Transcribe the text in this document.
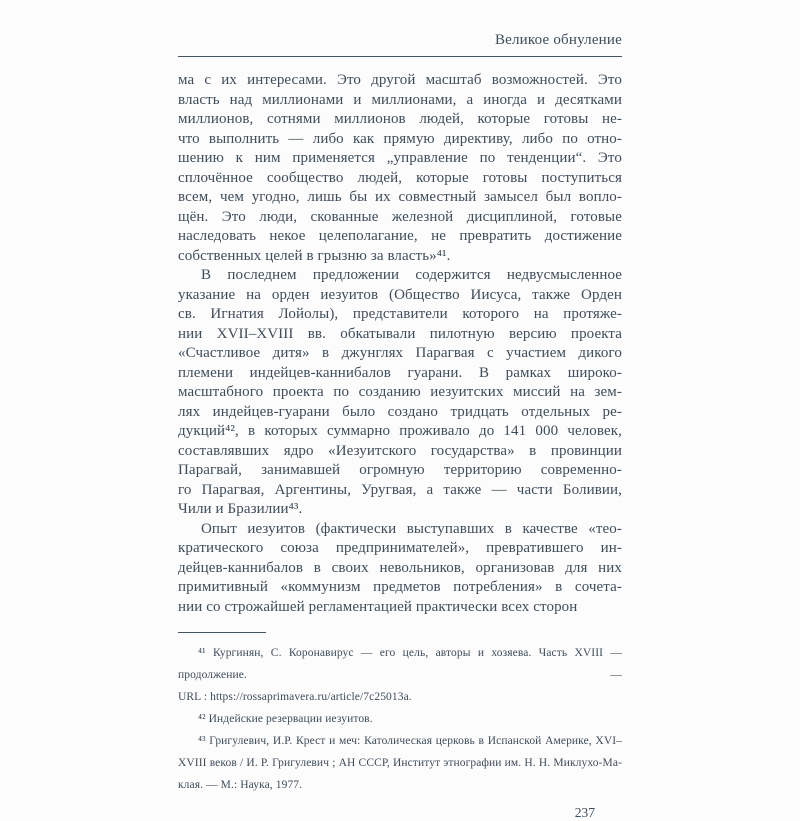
Великое обнуление
ма с их интересами. Это другой масштаб возможностей. Это
власть над миллионами и миллионами, а иногда и десятками
миллионов, сотнями миллионов людей, которые готовы не-
что выполнить — либо как прямую директиву, либо по отно-
шению к ним применяется „управление по тенденции“. Это
сплочённое сообщество людей, которые готовы поступиться
всем, чем угодно, лишь бы их совместный замысел был вопло-
щён. Это люди, скованные железной дисциплиной, готовые
наследовать некое целеполагание, не превратить достижение
собственных целей в грызню за власть»⁴¹.
В последнем предложении содержится недвусмысленное
указание на орден иезуитов (Общество Иисуса, также Орден
св. Игнатия Лойолы), представители которого на протяже-
нии XVII–XVIII вв. обкатывали пилотную версию проекта
«Счастливое дитя» в джунглях Парагвая с участием дикого
племени индейцев-каннибалов гуарани. В рамках широко-
масштабного проекта по созданию иезуитских миссий на зем-
лях индейцев-гуарани было создано тридцать отдельных ре-
дукций⁴², в которых суммарно проживало до 141 000 человек,
составлявших ядро «Иезуитского государства» в провинции
Парагвай, занимавшей огромную территорию современно-
го Парагвая, Аргентины, Уругвая, а также — части Боливии,
Чили и Бразилии⁴³.
Опыт иезуитов (фактически выступавших в качестве «тео-
кратического союза предпринимателей», превратившего ин-
дейцев-каннибалов в своих невольников, организовав для них
примитивный «коммунизм предметов потребления» в сочета-
нии со строжайшей регламентацией практически всех сторон
⁴¹ Кургинян, С. Коронавирус — его цель, авторы и хозяева. Часть XVIII — продолжение. —
URL : https://rossaprimavera.ru/article/7c25013a.
⁴² Индейские резервации иезуитов.
⁴³ Григулевич, И.Р. Крест и меч: Католическая церковь в Испанской Америке, XVI–
XVIII веков / И. Р. Григулевич ; АН СССР, Институт этнографии им. Н. Н. Миклухо-Ма-
клая. — М.: Наука, 1977.
237
